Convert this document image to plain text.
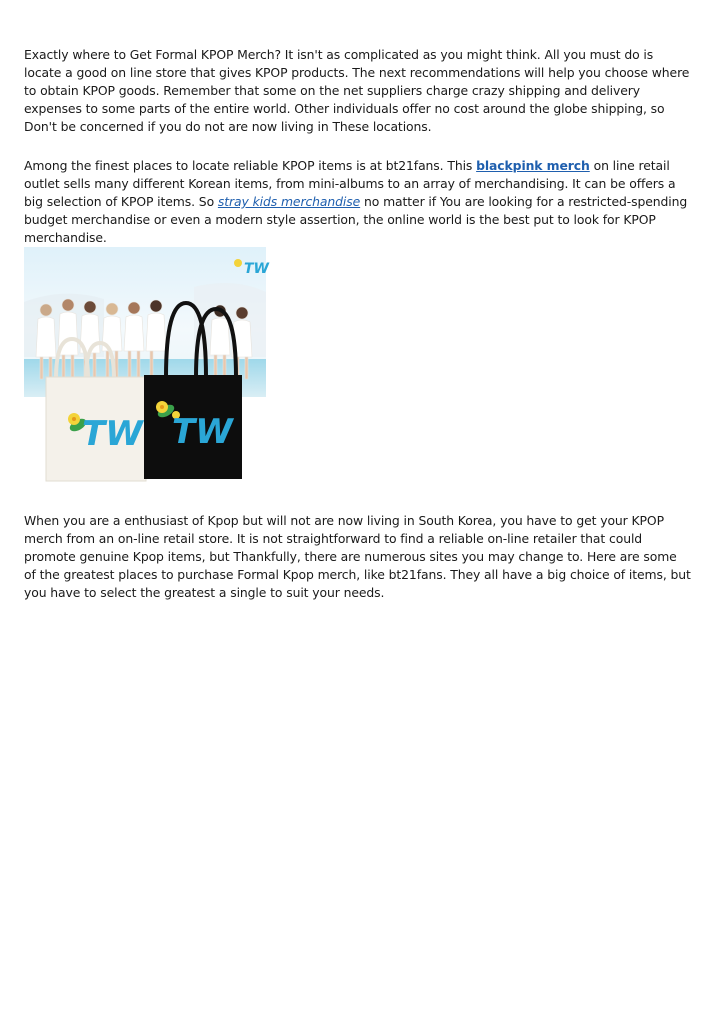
Exactly where to Get Formal KPOP Merch? It isn't as complicated as you might think. All you must do is locate a good on line store that gives KPOP products. The next recommendations will help you choose where to obtain KPOP goods. Remember that some on the net suppliers charge crazy shipping and delivery expenses to some parts of the entire world. Other individuals offer no cost around the globe shipping, so Don't be concerned if you do not are now living in These locations.

Among the finest places to locate reliable KPOP items is at bt21fans. This blackpink merch on line retail outlet sells many different Korean items, from mini-albums to an array of merchandising. It can be offers a big selection of KPOP items. So stray kids merchandise no matter if You are looking for a restricted-spending budget merchandise or even a modern style assertion, the online world is the best put to look for KPOP merchandise.

TW
TW TW

When you are a enthusiast of Kpop but will not are now living in South Korea, you have to get your KPOP merch from an on-line retail store. It is not straightforward to find a reliable on-line retailer that could promote genuine Kpop items, but Thankfully, there are numerous sites you may change to. Here are some of the greatest places to purchase Formal Kpop merch, like bt21fans. They all have a big choice of items, but you have to select the greatest a single to suit your needs.
